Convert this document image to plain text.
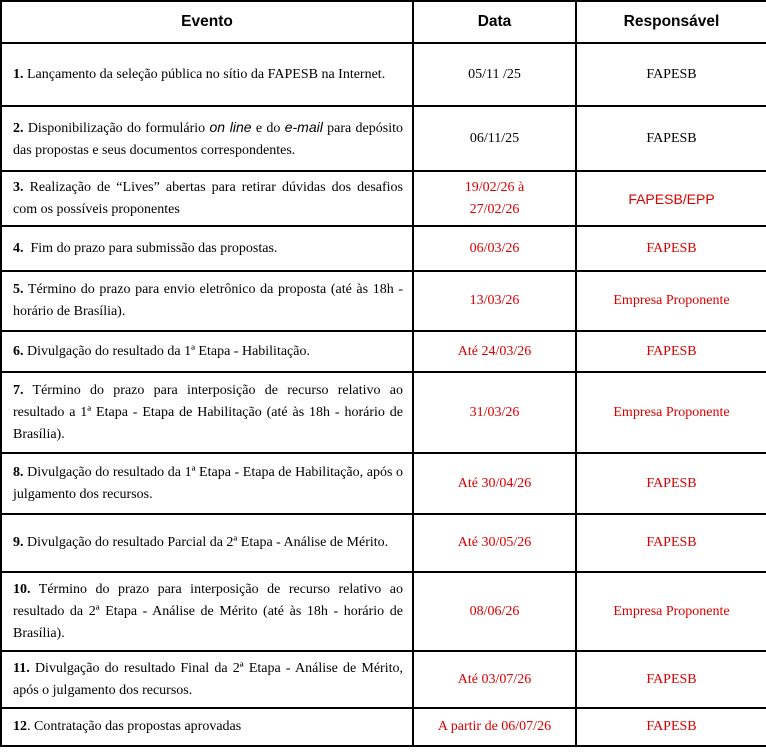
Evento	Data	Responsável
1. Lançamento da seleção pública no sítio da FAPESB na Internet.	05/11 /25	FAPESB
2. Disponibilização do formulário on line e do e-mail para depósito das propostas e seus documentos correspondentes.	06/11/25	FAPESB
3. Realização de “Lives” abertas para retirar dúvidas dos desafios com os possíveis proponentes	19/02/26 à
27/02/26	FAPESB/EPP
4. Fim do prazo para submissão das propostas.	06/03/26	FAPESB
5. Término do prazo para envio eletrônico da proposta (até às 18h - horário de Brasília).	13/03/26	Empresa Proponente
6. Divulgação do resultado da 1ª Etapa - Habilitação.	Até 24/03/26	FAPESB
7. Término do prazo para interposição de recurso relativo ao resultado a 1ª Etapa - Etapa de Habilitação (até às 18h - horário de Brasília).	31/03/26	Empresa Proponente
8. Divulgação do resultado da 1ª Etapa - Etapa de Habilitação, após o julgamento dos recursos.	Até 30/04/26	FAPESB
9. Divulgação do resultado Parcial da 2ª Etapa - Análise de Mérito.	Até 30/05/26	FAPESB
10. Término do prazo para interposição de recurso relativo ao resultado da 2ª Etapa - Análise de Mérito (até às 18h - horário de Brasília).	08/06/26	Empresa Proponente
11. Divulgação do resultado Final da 2ª Etapa - Análise de Mérito, após o julgamento dos recursos.	Até 03/07/26	FAPESB
12. Contratação das propostas aprovadas	A partir de 06/07/26	FAPESB
